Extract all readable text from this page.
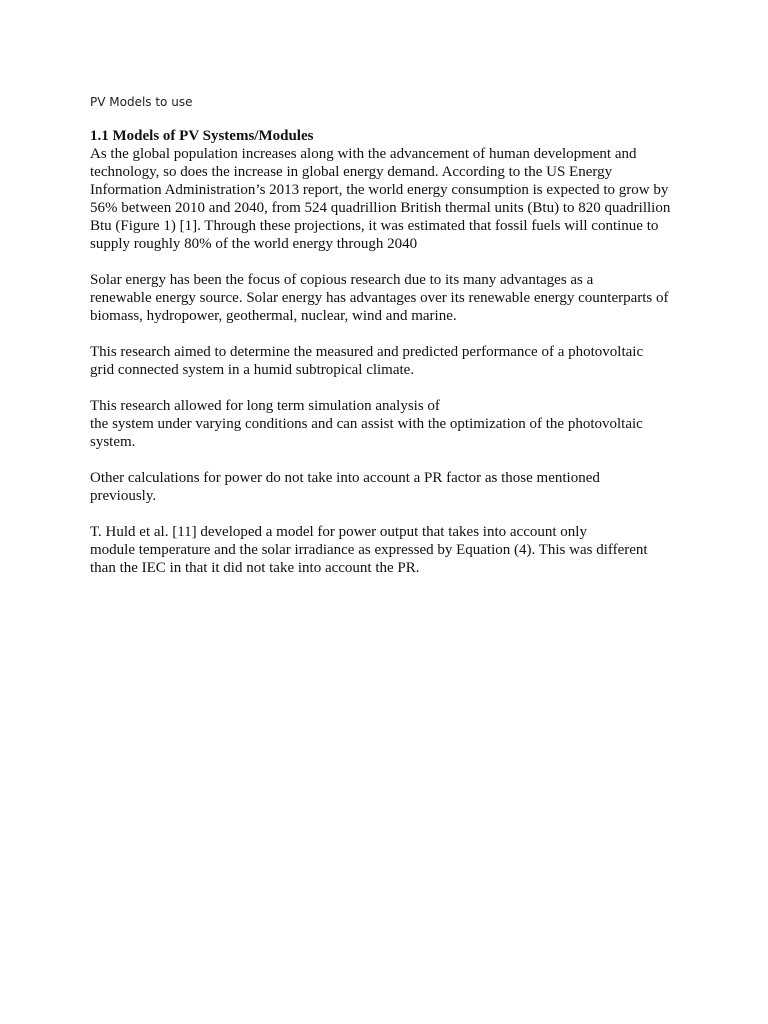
PV Models to use

1.1 Models of PV Systems/Modules

As the global population increases along with the advancement of human development and
technology, so does the increase in global energy demand. According to the US Energy
Information Administration’s 2013 report, the world energy consumption is expected to grow by
56% between 2010 and 2040, from 524 quadrillion British thermal units (Btu) to 820 quadrillion
Btu (Figure 1) [1]. Through these projections, it was estimated that fossil fuels will continue to
supply roughly 80% of the world energy through 2040

Solar energy has been the focus of copious research due to its many advantages as a
renewable energy source. Solar energy has advantages over its renewable energy counterparts of
biomass, hydropower, geothermal, nuclear, wind and marine.

This research aimed to determine the measured and predicted performance of a photovoltaic
grid connected system in a humid subtropical climate.

This research allowed for long term simulation analysis of
the system under varying conditions and can assist with the optimization of the photovoltaic
system.

Other calculations for power do not take into account a PR factor as those mentioned
previously.

T. Huld et al. [11] developed a model for power output that takes into account only
module temperature and the solar irradiance as expressed by Equation (4). This was different
than the IEC in that it did not take into account the PR.
